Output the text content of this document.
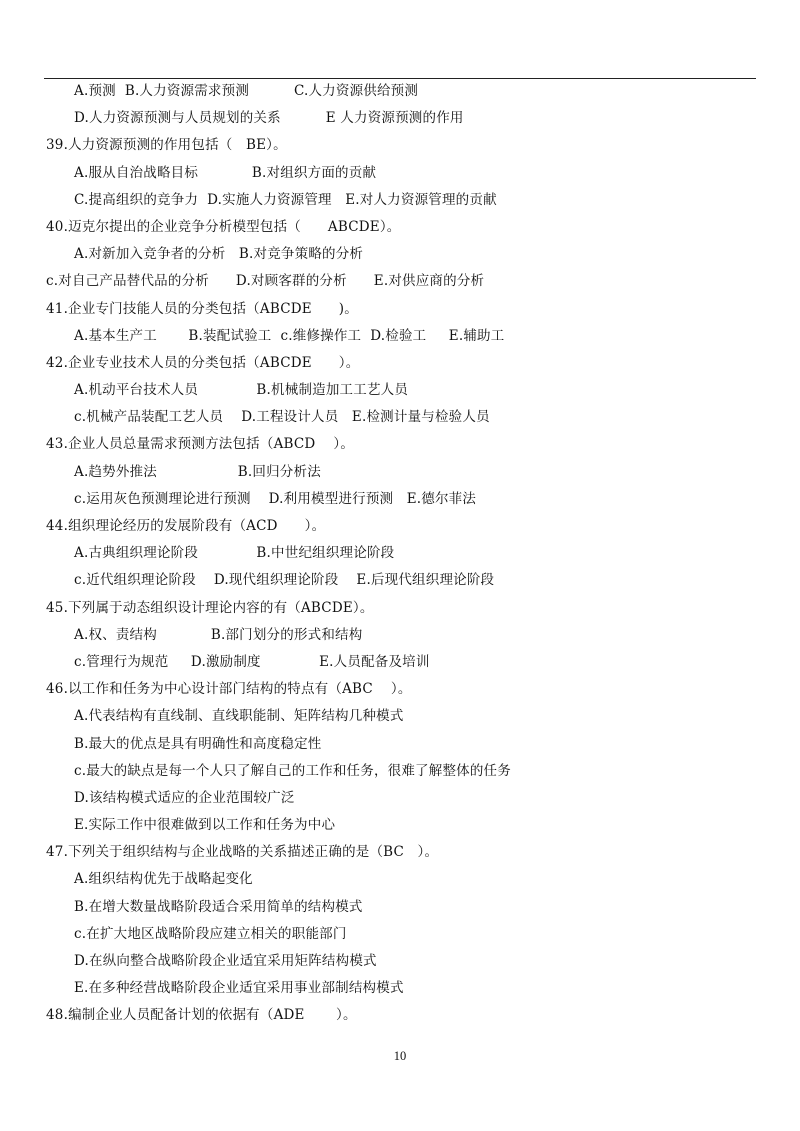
A.预测  B.人力资源需求预测          C.人力资源供给预测
D.人力资源预测与人员规划的关系          E 人力资源预测的作用
39.人力资源预测的作用包括（   BE）。
A.服从自治战略目标            B.对组织方面的贡献
C.提高组织的竞争力  D.实施人力资源管理   E.对人力资源管理的贡献
40.迈克尔提出的企业竞争分析模型包括（      ABCDE）。
A.对新加入竞争者的分析   B.对竞争策略的分析
c.对自己产品替代品的分析      D.对顾客群的分析      E.对供应商的分析
41.企业专门技能人员的分类包括（ABCDE      )。
A.基本生产工       B.装配试验工  c.维修操作工  D.检验工     E.辅助工
42.企业专业技术人员的分类包括（ABCDE      ）。
A.机动平台技术人员             B.机械制造加工工艺人员
c.机械产品装配工艺人员    D.工程设计人员   E.检测计量与检验人员
43.企业人员总量需求预测方法包括（ABCD    ）。
A.趋势外推法                  B.回归分析法
c.运用灰色预测理论进行预测    D.利用模型进行预测   E.德尔菲法
44.组织理论经历的发展阶段有（ACD      ）。
A.古典组织理论阶段             B.中世纪组织理论阶段
c.近代组织理论阶段    D.现代组织理论阶段    E.后现代组织理论阶段
45.下列属于动态组织设计理论内容的有（ABCDE）。
A.权、责结构            B.部门划分的形式和结构
c.管理行为规范     D.激励制度             E.人员配备及培训
46.以工作和任务为中心设计部门结构的特点有（ABC    ）。
A.代表结构有直线制、直线职能制、矩阵结构几种模式
B.最大的优点是具有明确性和高度稳定性
c.最大的缺点是每一个人只了解自己的工作和任务，很难了解整体的任务
D.该结构模式适应的企业范围较广泛
E.实际工作中很难做到以工作和任务为中心
47.下列关于组织结构与企业战略的关系描述正确的是（BC   ）。
A.组织结构优先于战略起变化
B.在增大数量战略阶段适合采用简单的结构模式
c.在扩大地区战略阶段应建立相关的职能部门
D.在纵向整合战略阶段企业适宜采用矩阵结构模式
E.在多种经营战略阶段企业适宜采用事业部制结构模式
48.编制企业人员配备计划的依据有（ADE       ）。
10
